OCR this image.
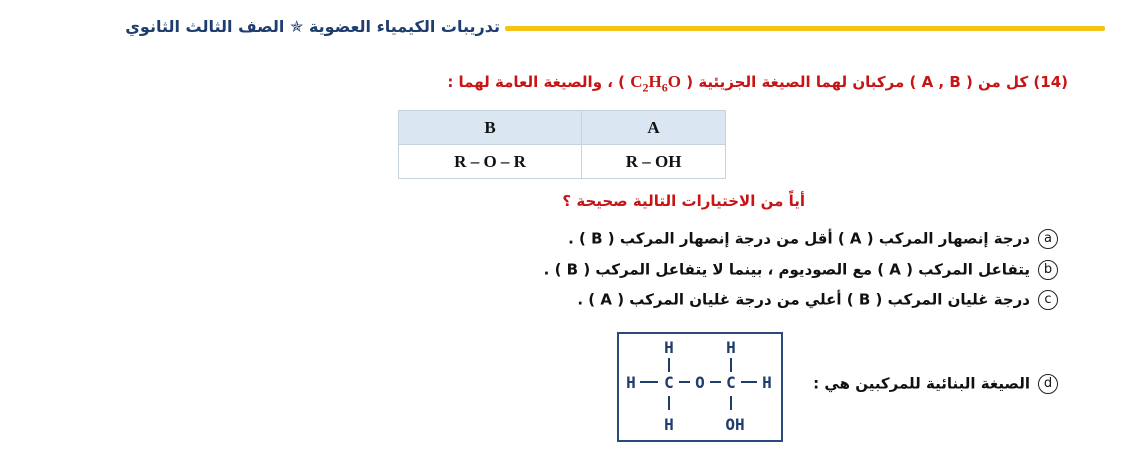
تدريبات الكيمياء العضوية ✯ الصف الثالث الثانوي
(14) كل من ( A , B ) مركبان لهما الصيغة الجزيئية ( $C_2H_6O$ ) ، والصيغة العامة لهما :
B	A
R – O – R	R – OH
أياً من الاختيارات التالية صحيحة ؟
aدرجة إنصهار المركب ( A ) أقل من درجة إنصهار المركب ( B ) .
bيتفاعل المركب ( A ) مع الصوديوم ، بينما لا يتفاعل المركب ( B ) .
cدرجة غليان المركب ( B ) أعلي من درجة غليان المركب ( A ) .
dالصيغة البنائية للمركبين هي :
H	H
H C O C H
H	OH
